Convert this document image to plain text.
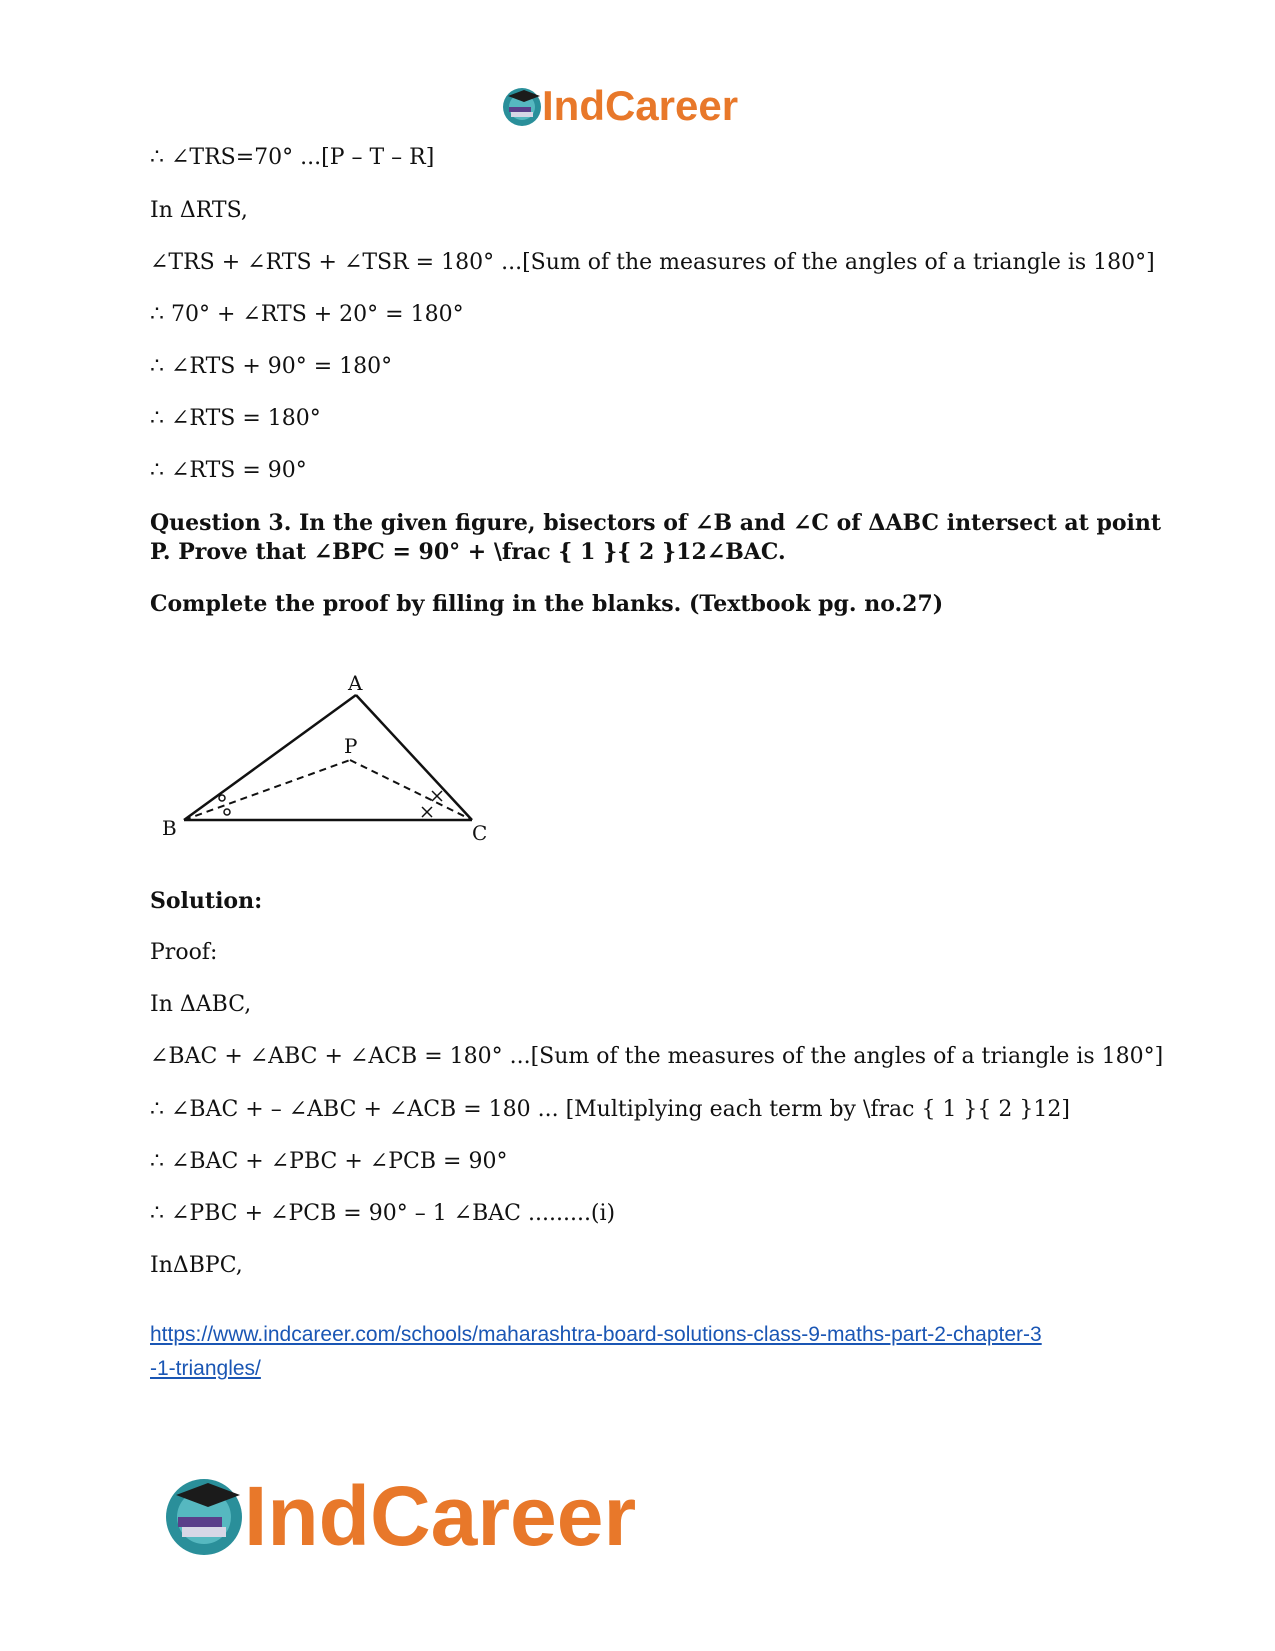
IndCareer
∴ ∠TRS=70° ...[P – T – R]
In ΔRTS,
∠TRS + ∠RTS + ∠TSR = 180° ...[Sum of the measures of the angles of a triangle is 180°]
∴ 70° + ∠RTS + 20° = 180°
∴ ∠RTS + 90° = 180°
∴ ∠RTS = 180°
∴ ∠RTS = 90°
Question 3. In the given figure, bisectors of ∠B and ∠C of ΔABC intersect at point
P. Prove that ∠BPC = 90° + \frac { 1 }{ 2 }12∠BAC.
Complete the proof by filling in the blanks. (Textbook pg. no.27)
A
B	C
P
Solution:
Proof:
In ΔABC,
∠BAC + ∠ABC + ∠ACB = 180° ...[Sum of the measures of the angles of a triangle is 180°]
∴ ∠BAC + – ∠ABC + ∠ACB = 180 ... [Multiplying each term by \frac { 1 }{ 2 }12]
∴ ∠BAC + ∠PBC + ∠PCB = 90°
∴ ∠PBC + ∠PCB = 90° – 1 ∠BAC .........(i)
InΔBPC,
https://www.indcareer.com/schools/maharashtra-board-solutions-class-9-maths-part-2-chapter-3
-1-triangles/
IndCareer
